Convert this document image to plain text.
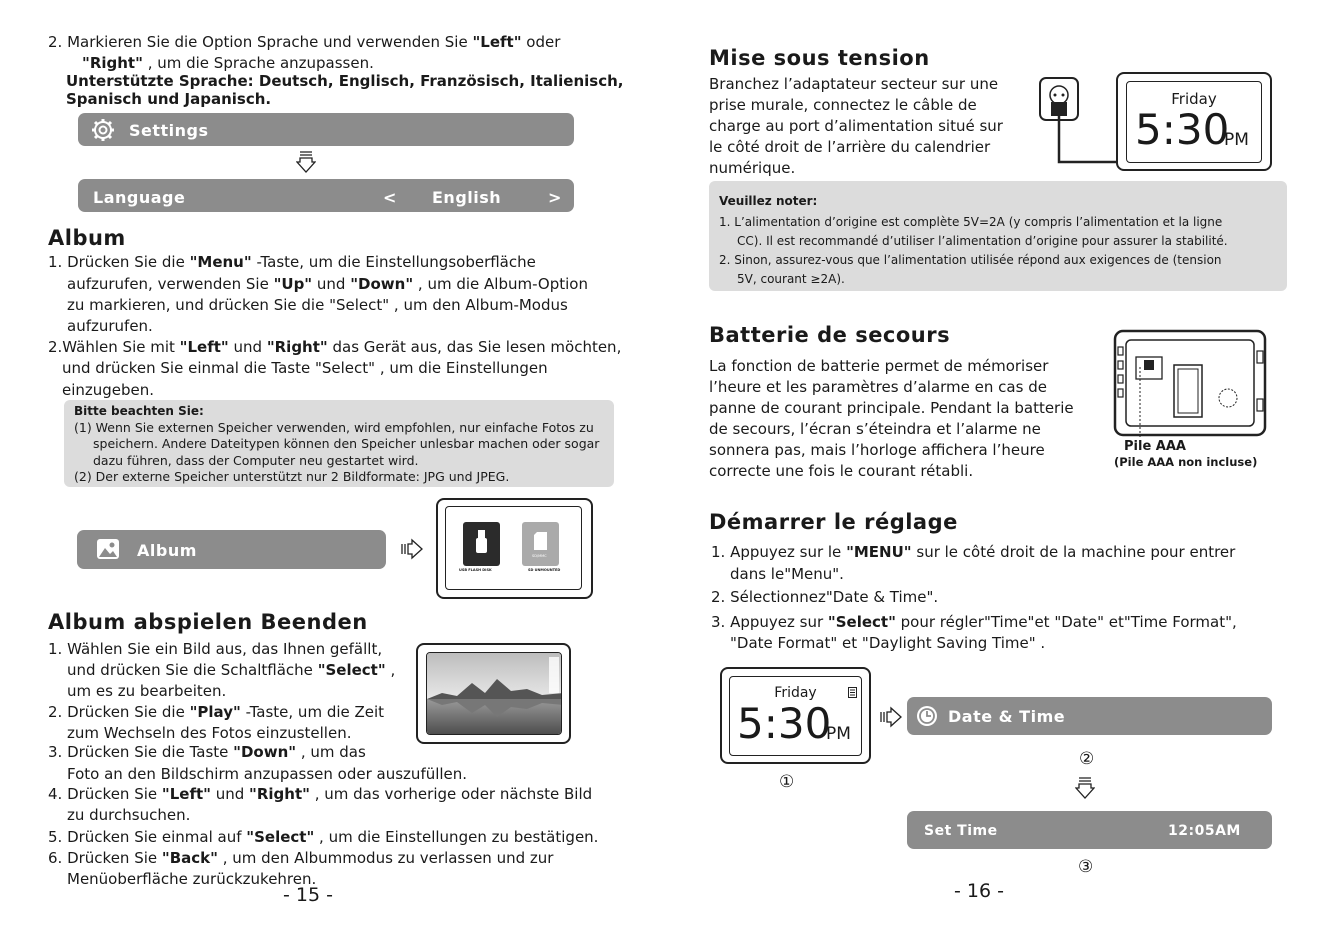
2. Markieren Sie die Option Sprache und verwenden Sie "Left" oder
"Right" , um die Sprache anzupassen.
Unterstützte Sprache: Deutsch, Englisch, Französisch, Italienisch,
Spanisch und Japanisch.
Settings
Language	< English	>
Album
1. Drücken Sie die "Menu" -Taste, um die Einstellungsoberfläche
aufzurufen, verwenden Sie "Up" und "Down" , um die Album-Option
zu markieren, und drücken Sie die "Select" , um den Album-Modus
aufzurufen.
2.Wählen Sie mit "Left" und "Right" das Gerät aus, das Sie lesen möchten,
und drücken Sie einmal die Taste "Select" , um die Einstellungen
einzugeben.
Bitte beachten Sie:
(1) Wenn Sie externen Speicher verwenden, wird empfohlen, nur einfache Fotos zu
speichern. Andere Dateitypen können den Speicher unlesbar machen oder sogar
dazu führen, dass der Computer neu gestartet wird.
(2) Der externe Speicher unterstützt nur 2 Bildformate: JPG und JPEG.
Album
USB FLASH DISK
SD/MMC
SD UNMOUNTED
Album abspielen Beenden
1. Wählen Sie ein Bild aus, das Ihnen gefällt,
und drücken Sie die Schaltfläche "Select" ,
um es zu bearbeiten.
2. Drücken Sie die "Play" -Taste, um die Zeit
zum Wechseln des Fotos einzustellen.
3. Drücken Sie die Taste "Down" , um das
Foto an den Bildschirm anzupassen oder auszufüllen.
4. Drücken Sie "Left" und "Right" , um das vorherige oder nächste Bild
zu durchsuchen.
5. Drücken Sie einmal auf "Select" , um die Einstellungen zu bestätigen.
6. Drücken Sie "Back" , um den Albummodus zu verlassen und zur
Menüoberfläche zurückzukehren.
- 15 -
Mise sous tension
Branchez l’adaptateur secteur sur une
prise murale, connectez le câble de
charge au port d’alimentation situé sur
le côté droit de l’arrière du calendrier
numérique.
Friday
5:30
PM
Veuillez noter:
1. L’alimentation d’origine est complète 5V=2A (y compris l’alimentation et la ligne
CC). Il est recommandé d’utiliser l’alimentation d’origine pour assurer la stabilité.
2. Sinon, assurez-vous que l’alimentation utilisée répond aux exigences de (tension
5V, courant ≥2A).
Batterie de secours
La fonction de batterie permet de mémoriser
l’heure et les paramètres d’alarme en cas de
panne de courant principale. Pendant la batterie
de secours, l’écran s’éteindra et l’alarme ne
sonnera pas, mais l’horloge affichera l’heure
correcte une fois le courant rétabli.
Pile AAA
(Pile AAA non incluse)
Démarrer le réglage
1. Appuyez sur le "MENU" sur le côté droit de la machine pour entrer
dans le"Menu".
2. Sélectionnez"Date & Time".
3. Appuyez sur "Select" pour régler"Time"et "Date" et"Time Format",
"Date Format" et "Daylight Saving Time" .
Friday
5:30
PM
Date & Time
②
①
Set Time	12:05AM
③
- 16 -
